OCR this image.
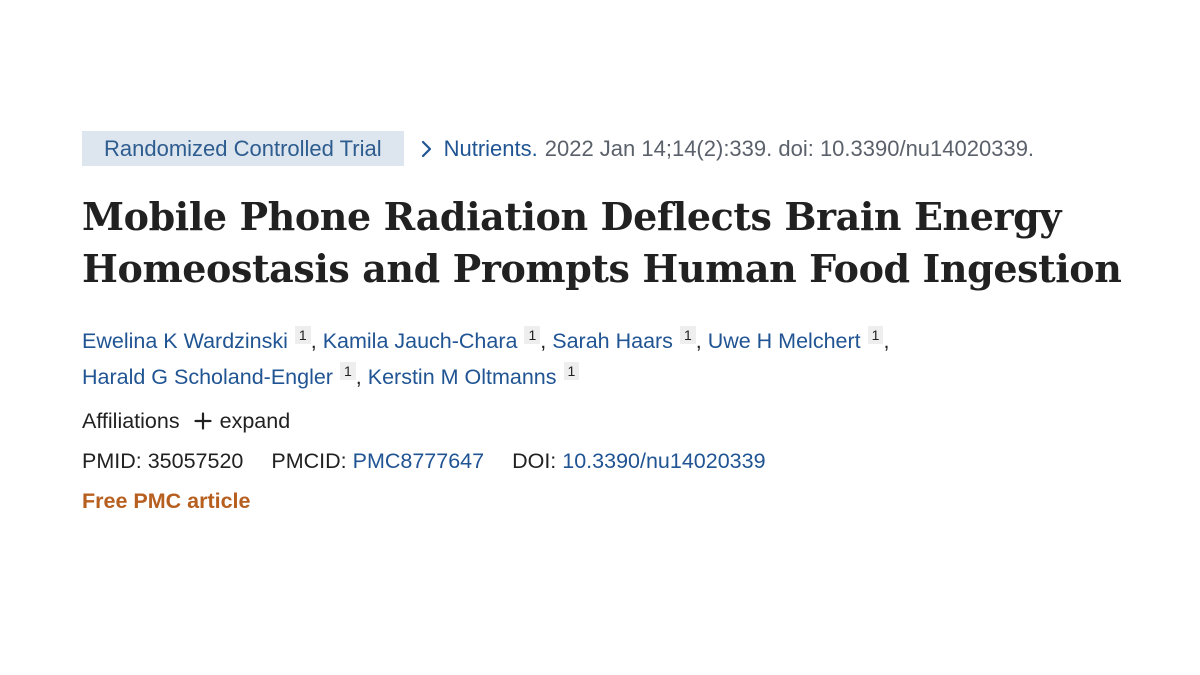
Randomized Controlled Trial	Nutrients. 2022 Jan 14;14(2):339. doi: 10.3390/nu14020339.
Mobile Phone Radiation Deflects Brain Energy
Homeostasis and Prompts Human Food Ingestion
Ewelina K Wardzinski 1 , Kamila Jauch-Chara 1 , Sarah Haars 1 , Uwe H Melchert 1 ,
Harald G Scholand-Engler 1 , Kerstin M Oltmanns 1
Affiliations expand
PMID: 35057520 PMCID: PMC8777647 DOI: 10.3390/nu14020339
Free PMC article
